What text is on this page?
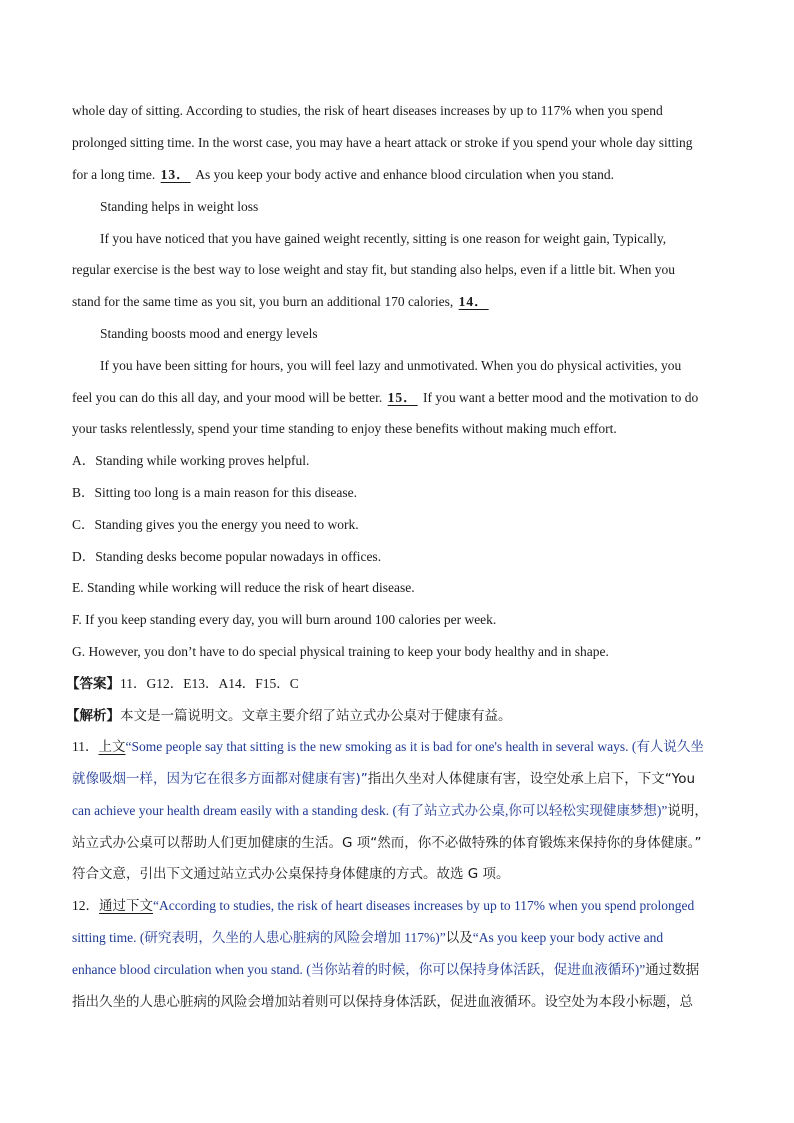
whole day of sitting. According to studies, the risk of heart diseases increases by up to 117% when you spend
prolonged sitting time. In the worst case, you may have a heart attack or stroke if you spend your whole day sitting
for a long time. 13． As you keep your body active and enhance blood circulation when you stand.
Standing helps in weight loss
If you have noticed that you have gained weight recently, sitting is one reason for weight gain, Typically,
regular exercise is the best way to lose weight and stay fit, but standing also helps, even if a little bit. When you
stand for the same time as you sit, you burn an additional 170 calories, 14．
Standing boosts mood and energy levels
If you have been sitting for hours, you will feel lazy and unmotivated. When you do physical activities, you
feel you can do this all day, and your mood will be better. 15． If you want a better mood and the motivation to do
your tasks relentlessly, spend your time standing to enjoy these benefits without making much effort.
A．Standing while working proves helpful.
B．Sitting too long is a main reason for this disease.
C．Standing gives you the energy you need to work.
D．Standing desks become popular nowadays in offices.
E. Standing while working will reduce the risk of heart disease.
F. If you keep standing every day, you will burn around 100 calories per week.
G. However, you don’t have to do special physical training to keep your body healthy and in shape.
【答案】11．G12．E13．A14．F15．C
【解析】本文是一篇说明文。文章主要介绍了站立式办公桌对于健康有益。
11．上文“Some people say that sitting is the new smoking as it is bad for one's health in several ways. (有人说久坐
就像吸烟一样，因为它在很多方面都对健康有害)”指出久坐对人体健康有害，设空处承上启下，下文“You
can achieve your health dream easily with a standing desk. (有了站立式办公桌,你可以轻松实现健康梦想)”说明，
站立式办公桌可以帮助人们更加健康的生活。G 项“然而，你不必做特殊的体育锻炼来保持你的身体健康。”
符合文意，引出下文通过站立式办公桌保持身体健康的方式。故选 G 项。
12．通过下文“According to studies, the risk of heart diseases increases by up to 117% when you spend prolonged
sitting time. (研究表明，久坐的人患心脏病的风险会增加 117%)”以及“As you keep your body active and
enhance blood circulation when you stand. (当你站着的时候，你可以保持身体活跃，促进血液循环)”通过数据
指出久坐的人患心脏病的风险会增加站着则可以保持身体活跃，促进血液循环。设空处为本段小标题，总
